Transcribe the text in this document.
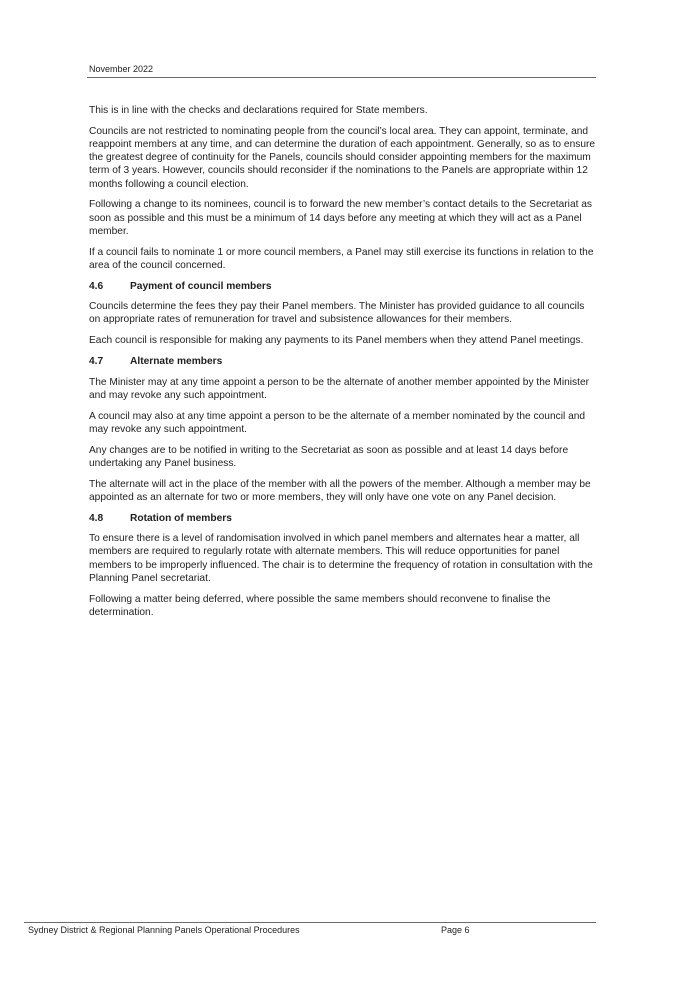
November 2022

This is in line with the checks and declarations required for State members.

Councils are not restricted to nominating people from the council’s local area. They can appoint, terminate, and reappoint members at any time, and can determine the duration of each appointment. Generally, so as to ensure the greatest degree of continuity for the Panels, councils should consider appointing members for the maximum term of 3 years. However, councils should reconsider if the nominations to the Panels are appropriate within 12 months following a council election.

Following a change to its nominees, council is to forward the new member’s contact details to the Secretariat as soon as possible and this must be a minimum of 14 days before any meeting at which they will act as a Panel member.

If a council fails to nominate 1 or more council members, a Panel may still exercise its functions in relation to the area of the council concerned.

4.6	Payment of council members

Councils determine the fees they pay their Panel members. The Minister has provided guidance to all councils on appropriate rates of remuneration for travel and subsistence allowances for their members.

Each council is responsible for making any payments to its Panel members when they attend Panel meetings.

4.7	Alternate members

The Minister may at any time appoint a person to be the alternate of another member appointed by the Minister and may revoke any such appointment.

A council may also at any time appoint a person to be the alternate of a member nominated by the council and may revoke any such appointment.

Any changes are to be notified in writing to the Secretariat as soon as possible and at least 14 days before undertaking any Panel business.

The alternate will act in the place of the member with all the powers of the member. Although a member may be appointed as an alternate for two or more members, they will only have one vote on any Panel decision.

4.8	Rotation of members

To ensure there is a level of randomisation involved in which panel members and alternates hear a matter, all members are required to regularly rotate with alternate members. This will reduce opportunities for panel members to be improperly influenced. The chair is to determine the frequency of rotation in consultation with the Planning Panel secretariat.

Following a matter being deferred, where possible the same members should reconvene to finalise the determination.

Sydney District & Regional Planning Panels Operational Procedures	Page 6
